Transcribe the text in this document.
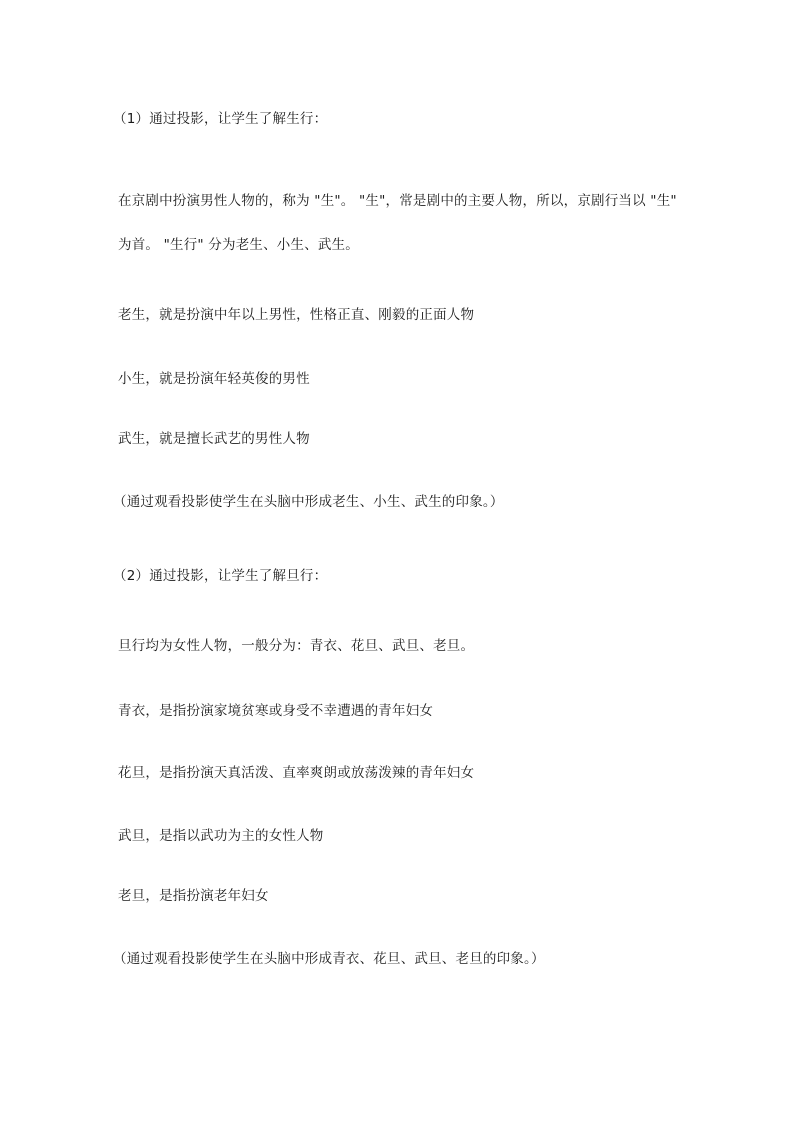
（1）通过投影，让学生了解生行：
在京剧中扮演男性人物的，称为 "生"。 "生"，常是剧中的主要人物，所以，京剧行当以 "生"
为首。 "生行" 分为老生、小生、武生。
老生，就是扮演中年以上男性，性格正直、刚毅的正面人物
小生，就是扮演年轻英俊的男性
武生，就是擅长武艺的男性人物
（通过观看投影使学生在头脑中形成老生、小生、武生的印象。）
（2）通过投影，让学生了解旦行：
旦行均为女性人物，一般分为：青衣、花旦、武旦、老旦。
青衣，是指扮演家境贫寒或身受不幸遭遇的青年妇女
花旦，是指扮演天真活泼、直率爽朗或放荡泼辣的青年妇女
武旦，是指以武功为主的女性人物
老旦，是指扮演老年妇女
（通过观看投影使学生在头脑中形成青衣、花旦、武旦、老旦的印象。）
